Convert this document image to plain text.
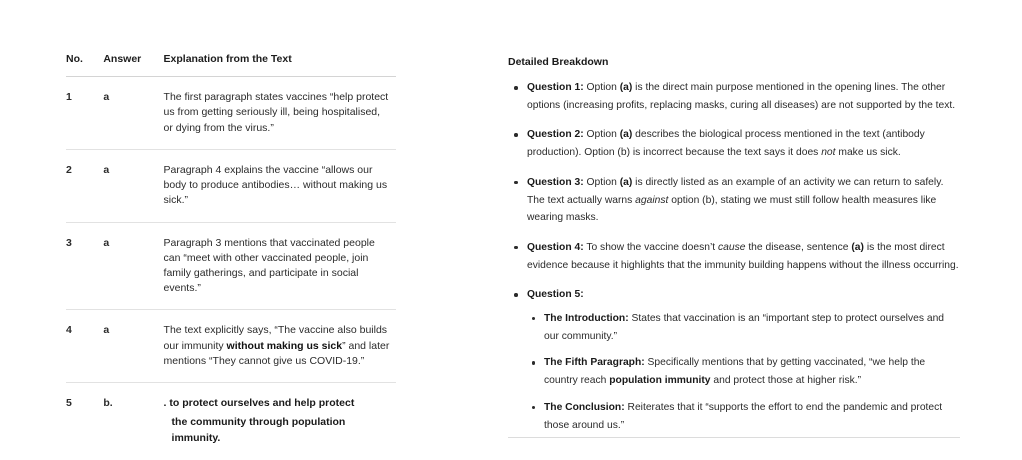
No.	Answer	Explanation from the Text
1	a	The first paragraph states vaccines “help protect us from getting seriously ill, being hospitalised, or dying from the virus.”
2	a	Paragraph 4 explains the vaccine “allows our body to produce antibodies… without making us sick.”
3	a	Paragraph 3 mentions that vaccinated people can “meet with other vaccinated people, join family gatherings, and participate in social events.”
4	a	The text explicitly says, “The vaccine also builds our immunity without making us sick” and later mentions “They cannot give us COVID-19.”
5	b.	. to protect ourselves and help protect
the community through population immunity.
Detailed Breakdown
Question 1: Option (a) is the direct main purpose mentioned in the opening lines. The other options (increasing profits, replacing masks, curing all diseases) are not supported by the text.
Question 2: Option (a) describes the biological process mentioned in the text (antibody production). Option (b) is incorrect because the text says it does not make us sick.
Question 3: Option (a) is directly listed as an example of an activity we can return to safely. The text actually warns against option (b), stating we must still follow health measures like wearing masks.
Question 4: To show the vaccine doesn’t cause the disease, sentence (a) is the most direct evidence because it highlights that the immunity building happens without the illness occurring.
Question 5:
The Introduction: States that vaccination is an “important step to protect ourselves and our community.”
The Fifth Paragraph: Specifically mentions that by getting vaccinated, “we help the country reach population immunity and protect those at higher risk.”
The Conclusion: Reiterates that it “supports the effort to end the pandemic and protect those around us.”
